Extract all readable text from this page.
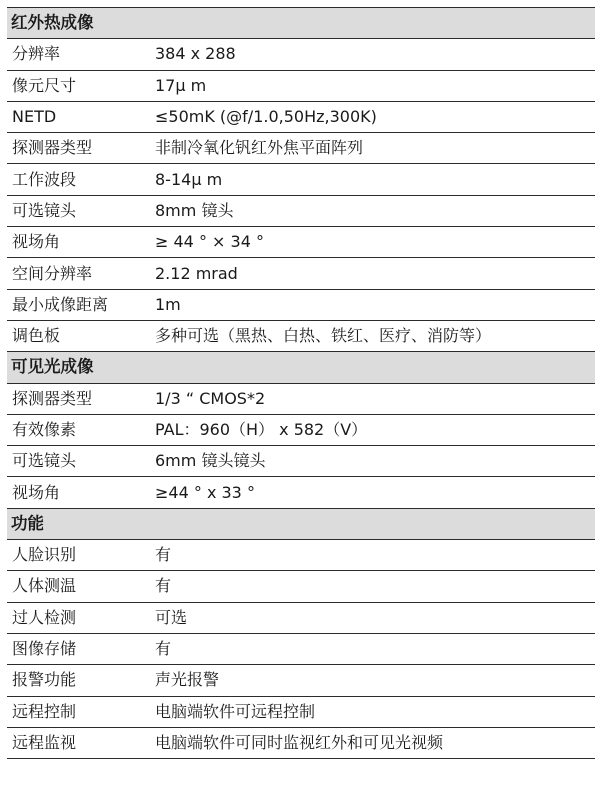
红外热成像
分辨率	384 x 288
像元尺寸	17μ m
NETD	≤50mK (@f/1.0,50Hz,300K)
探测器类型	非制冷氧化钒红外焦平面阵列
工作波段	8-14μ m
可选镜头	8mm 镜头
视场角	≥ 44 ° × 34 °
空间分辨率	2.12 mrad
最小成像距离	1m
调色板	多种可选（黑热、白热、铁红、医疗、消防等）
可见光成像
探测器类型	1/3 “ CMOS*2
有效像素	PAL：960（H） x 582（V）
可选镜头	6mm 镜头镜头
视场角	≥44 ° x 33 °
功能
人脸识别	有
人体测温	有
过人检测	可选
图像存储	有
报警功能	声光报警
远程控制	电脑端软件可远程控制
远程监视	电脑端软件可同时监视红外和可见光视频
